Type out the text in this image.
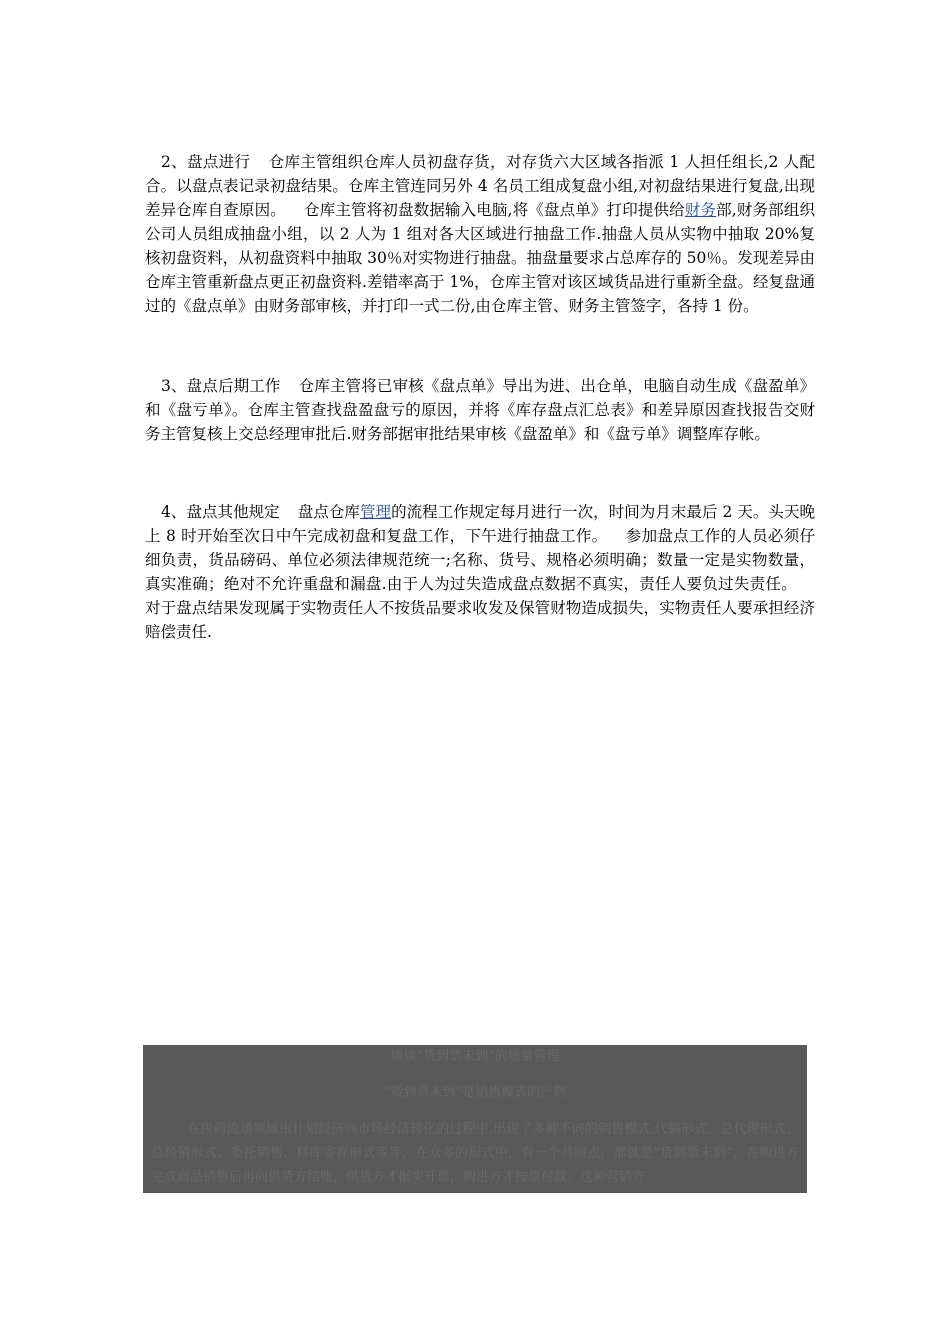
2、盘点进行 仓库主管组织仓库人员初盘存货，对存货六大区域各指派 1 人担任组长,2 人配合。以盘点表记录初盘结果。仓库主管连同另外 4 名员工组成复盘小组,对初盘结果进行复盘,出现差异仓库自查原因。 仓库主管将初盘数据输入电脑,将《盘点单》打印提供给财务部,财务部组织公司人员组成抽盘小组，以 2 人为 1 组对各大区域进行抽盘工作.抽盘人员从实物中抽取 20%复核初盘资料，从初盘资料中抽取 30％对实物进行抽盘。抽盘量要求占总库存的 50％。发现差异由仓库主管重新盘点更正初盘资料.差错率高于 1%，仓库主管对该区域货品进行重新全盘。经复盘通过的《盘点单》由财务部审核，并打印一式二份,由仓库主管、财务主管签字，各持 1 份。
3、盘点后期工作 仓库主管将已审核《盘点单》导出为进、出仓单，电脑自动生成《盘盈单》和《盘亏单》。仓库主管查找盘盈盘亏的原因，并将《库存盘点汇总表》和差异原因查找报告交财务主管复核上交总经理审批后.财务部据审批结果审核《盘盈单》和《盘亏单》调整库存帐。
4、盘点其他规定 盘点仓库管理的流程工作规定每月进行一次，时间为月末最后 2 天。头天晚上 8 时开始至次日中午完成初盘和复盘工作，下午进行抽盘工作。 参加盘点工作的人员必须仔细负责，货品磅码、单位必须法律规范统一;名称、货号、规格必须明确；数量一定是实物数量，真实准确；绝对不允许重盘和漏盘.由于人为过失造成盘点数据不真实，责任人要负过失责任。对于盘点结果发现属于实物责任人不按货品要求收发及保管财物造成损失，实物责任人要承担经济赔偿责任.
谈谈“货到票未到”的质量管理
“货到票未到”是销售模式的产物
在医药流通领域由计划经济向市场经济转化的过程中,出现了多种不同的销售模式,代销形式、总代理形式、总经销形式、委托销售、移库寄存形式等等，在众多的形式中，有一个共同点，那就是“货到票未到”，在购进方完成商品销售后再向供货方结账，供货方才据实开票，购进方才按票付款。这种营销方
